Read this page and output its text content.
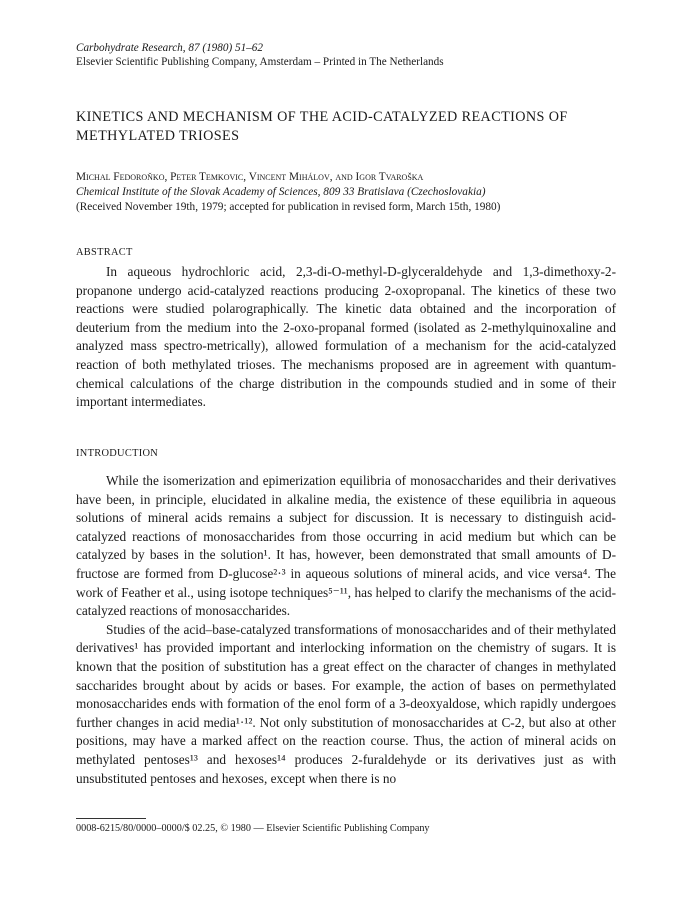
Carbohydrate Research, 87 (1980) 51–62
Elsevier Scientific Publishing Company, Amsterdam – Printed in The Netherlands
KINETICS AND MECHANISM OF THE ACID-CATALYZED REACTIONS OF METHYLATED TRIOSES
Michal Fedoroňko, Peter Temkovic, Vincent Mihálov, and Igor Tvaroška
Chemical Institute of the Slovak Academy of Sciences, 809 33 Bratislava (Czechoslovakia)
(Received November 19th, 1979; accepted for publication in revised form, March 15th, 1980)
ABSTRACT

In aqueous hydrochloric acid, 2,3-di-O-methyl-D-glyceraldehyde and 1,3-dimethoxy-2-propanone undergo acid-catalyzed reactions producing 2-oxopropanal. The kinetics of these two reactions were studied polarographically. The kinetic data obtained and the incorporation of deuterium from the medium into the 2-oxo-propanal formed (isolated as 2-methylquinoxaline and analyzed mass spectro-metrically), allowed formulation of a mechanism for the acid-catalyzed reaction of both methylated trioses. The mechanisms proposed are in agreement with quantum-chemical calculations of the charge distribution in the compounds studied and in some of their important intermediates.

INTRODUCTION

While the isomerization and epimerization equilibria of monosaccharides and their derivatives have been, in principle, elucidated in alkaline media, the existence of these equilibria in aqueous solutions of mineral acids remains a subject for discussion. It is necessary to distinguish acid-catalyzed reactions of monosaccharides from those occurring in acid medium but which can be catalyzed by bases in the solution¹. It has, however, been demonstrated that small amounts of D-fructose are formed from D-glucose²·³ in aqueous solutions of mineral acids, and vice versa⁴. The work of Feather et al., using isotope techniques⁵⁻¹¹, has helped to clarify the mechanisms of the acid-catalyzed reactions of monosaccharides.

Studies of the acid–base-catalyzed transformations of monosaccharides and of their methylated derivatives¹ has provided important and interlocking information on the chemistry of sugars. It is known that the position of substitution has a great effect on the character of changes in methylated saccharides brought about by acids or bases. For example, the action of bases on permethylated monosaccharides ends with formation of the enol form of a 3-deoxyaldose, which rapidly undergoes further changes in acid media¹·¹². Not only substitution of monosaccharides at C-2, but also at other positions, may have a marked affect on the reaction course. Thus, the action of mineral acids on methylated pentoses¹³ and hexoses¹⁴ produces 2-furaldehyde or its derivatives just as with unsubstituted pentoses and hexoses, except when there is no

0008-6215/80/0000–0000/$ 02.25, © 1980 — Elsevier Scientific Publishing Company
